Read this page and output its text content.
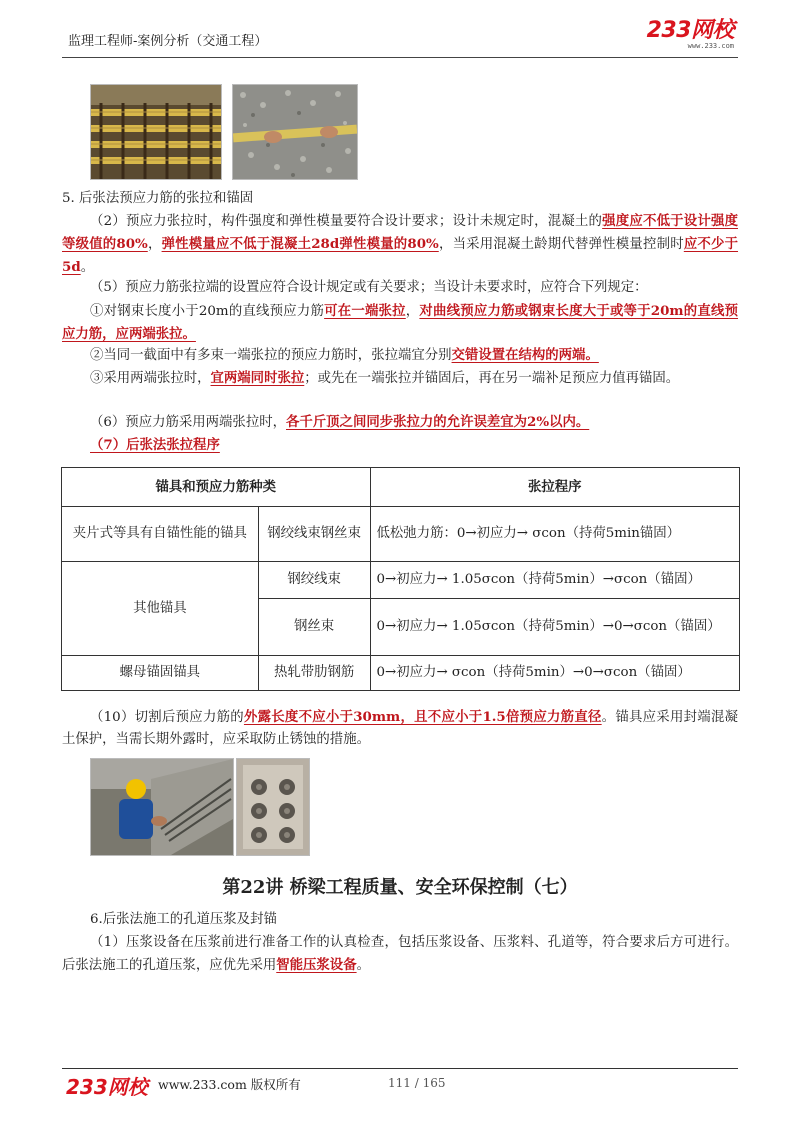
监理工程师-案例分析（交通工程）	233网校
www.233.com
5. 后张法预应力筋的张拉和锚固
（2）预应力张拉时，构件强度和弹性模量要符合设计要求；设计未规定时，混凝土的强度应不低于设计强度等级值的80%，弹性模量应不低于混凝土28d弹性模量的80%，当采用混凝土龄期代替弹性模量控制时应不少于5d。
（5）预应力筋张拉端的设置应符合设计规定或有关要求；当设计未要求时，应符合下列规定：
①对钢束长度小于20m的直线预应力筋可在一端张拉，对曲线预应力筋或钢束长度大于或等于20m的直线预应力筋，应两端张拉。
②当同一截面中有多束一端张拉的预应力筋时，张拉端宜分别交错设置在结构的两端。
③采用两端张拉时，宜两端同时张拉；或先在一端张拉并锚固后，再在另一端补足预应力值再锚固。
（6）预应力筋采用两端张拉时，各千斤顶之间同步张拉力的允许误差宜为2%以内。
（7）后张法张拉程序
锚具和预应力筋种类		张拉程序
夹片式等具有自锚性能的锚具	钢绞线束钢丝束	低松弛力筋：0→初应力→ σcon（持荷5min锚固）
其他锚具	钢绞线束	0→初应力→ 1.05σcon（持荷5min）→σcon（锚固）
	钢丝束	0→初应力→ 1.05σcon（持荷5min）→0→σcon（锚固）
螺母锚固锚具	热轧带肋钢筋	0→初应力→ σcon（持荷5min）→0→σcon（锚固）
（10）切割后预应力筋的外露长度不应小于30mm，且不应小于1.5倍预应力筋直径。锚具应采用封端混凝土保护，当需长期外露时，应采取防止锈蚀的措施。
第22讲 桥梁工程质量、安全环保控制（七）
6.后张法施工的孔道压浆及封锚
（1）压浆设备在压浆前进行准备工作的认真检查，包括压浆设备、压浆料、孔道等，符合要求后方可进行。后张法施工的孔道压浆，应优先采用智能压浆设备。
233网校 www.233.com 版权所有	111 / 165
